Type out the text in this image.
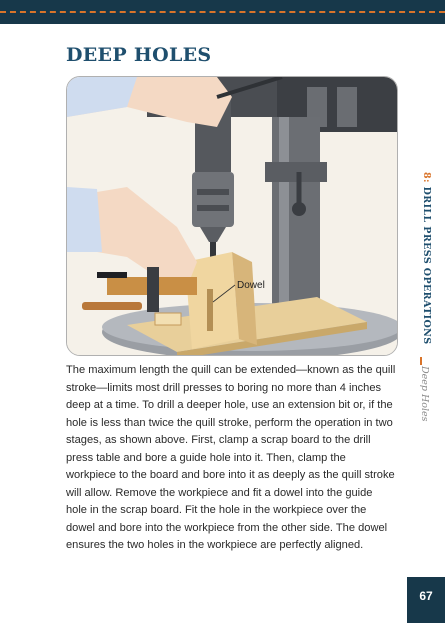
DEEP HOLES
Dowel

The maximum length the quill can be extended—known as the quill stroke—limits most drill presses to boring no more than 4 inches deep at a time. To drill a deeper hole, use an extension bit or, if the hole is less than twice the quill stroke, perform the operation in two stages, as shown above. First, clamp a scrap board to the drill press table and bore a guide hole into it. Then, clamp the workpiece to the board and bore into it as deeply as the quill stroke will allow. Remove the workpiece and fit a dowel into the guide hole in the scrap board. Fit the hole in the workpiece over the dowel and bore into the workpiece from the other side. The dowel ensures the two holes in the workpiece are perfectly aligned.

8: DRILL PRESS OPERATIONS
Deep Holes
67
